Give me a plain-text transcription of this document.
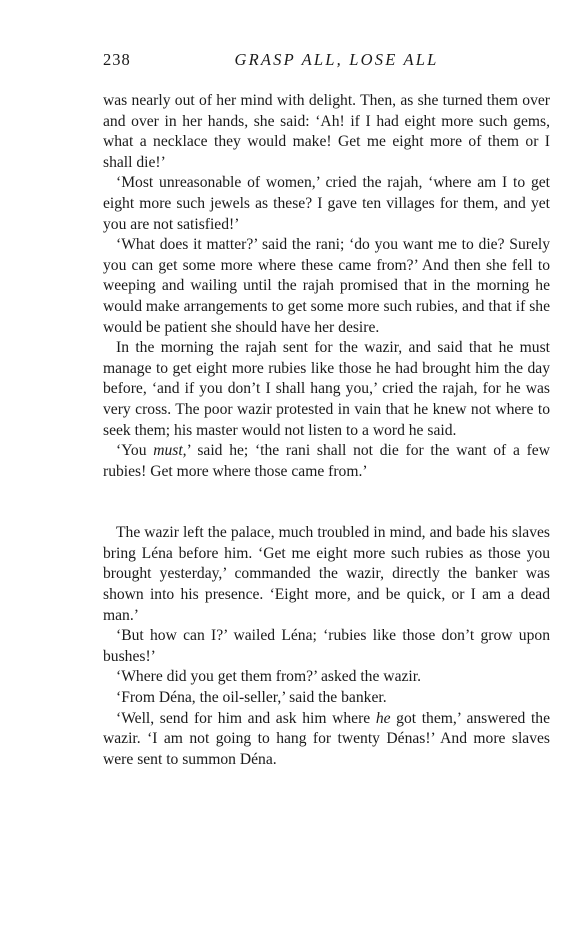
238	GRASP ALL, LOSE ALL

was nearly out of her mind with delight. Then, as she turned them over and over in her hands, she said: ‘Ah! if I had eight more such gems, what a necklace they would make! Get me eight more of them or I shall die!’

‘Most unreasonable of women,’ cried the rajah, ‘where am I to get eight more such jewels as these? I gave ten villages for them, and yet you are not satisfied!’

‘What does it matter?’ said the rani; ‘do you want me to die? Surely you can get some more where these came from?’ And then she fell to weeping and wailing until the rajah promised that in the morning he would make arrangements to get some more such rubies, and that if she would be patient she should have her desire.

In the morning the rajah sent for the wazir, and said that he must manage to get eight more rubies like those he had brought him the day before, ‘and if you don’t I shall hang you,’ cried the rajah, for he was very cross. The poor wazir protested in vain that he knew not where to seek them; his master would not listen to a word he said.

‘You must,’ said he; ‘the rani shall not die for the want of a few rubies! Get more where those came from.’

The wazir left the palace, much troubled in mind, and bade his slaves bring Léna before him. ‘Get me eight more such rubies as those you brought yesterday,’ commanded the wazir, directly the banker was shown into his presence. ‘Eight more, and be quick, or I am a dead man.’

‘But how can I?’ wailed Léna; ‘rubies like those don’t grow upon bushes!’

‘Where did you get them from?’ asked the wazir.

‘From Déna, the oil-seller,’ said the banker.

‘Well, send for him and ask him where he got them,’ answered the wazir. ‘I am not going to hang for twenty Dénas!’ And more slaves were sent to summon Déna.
